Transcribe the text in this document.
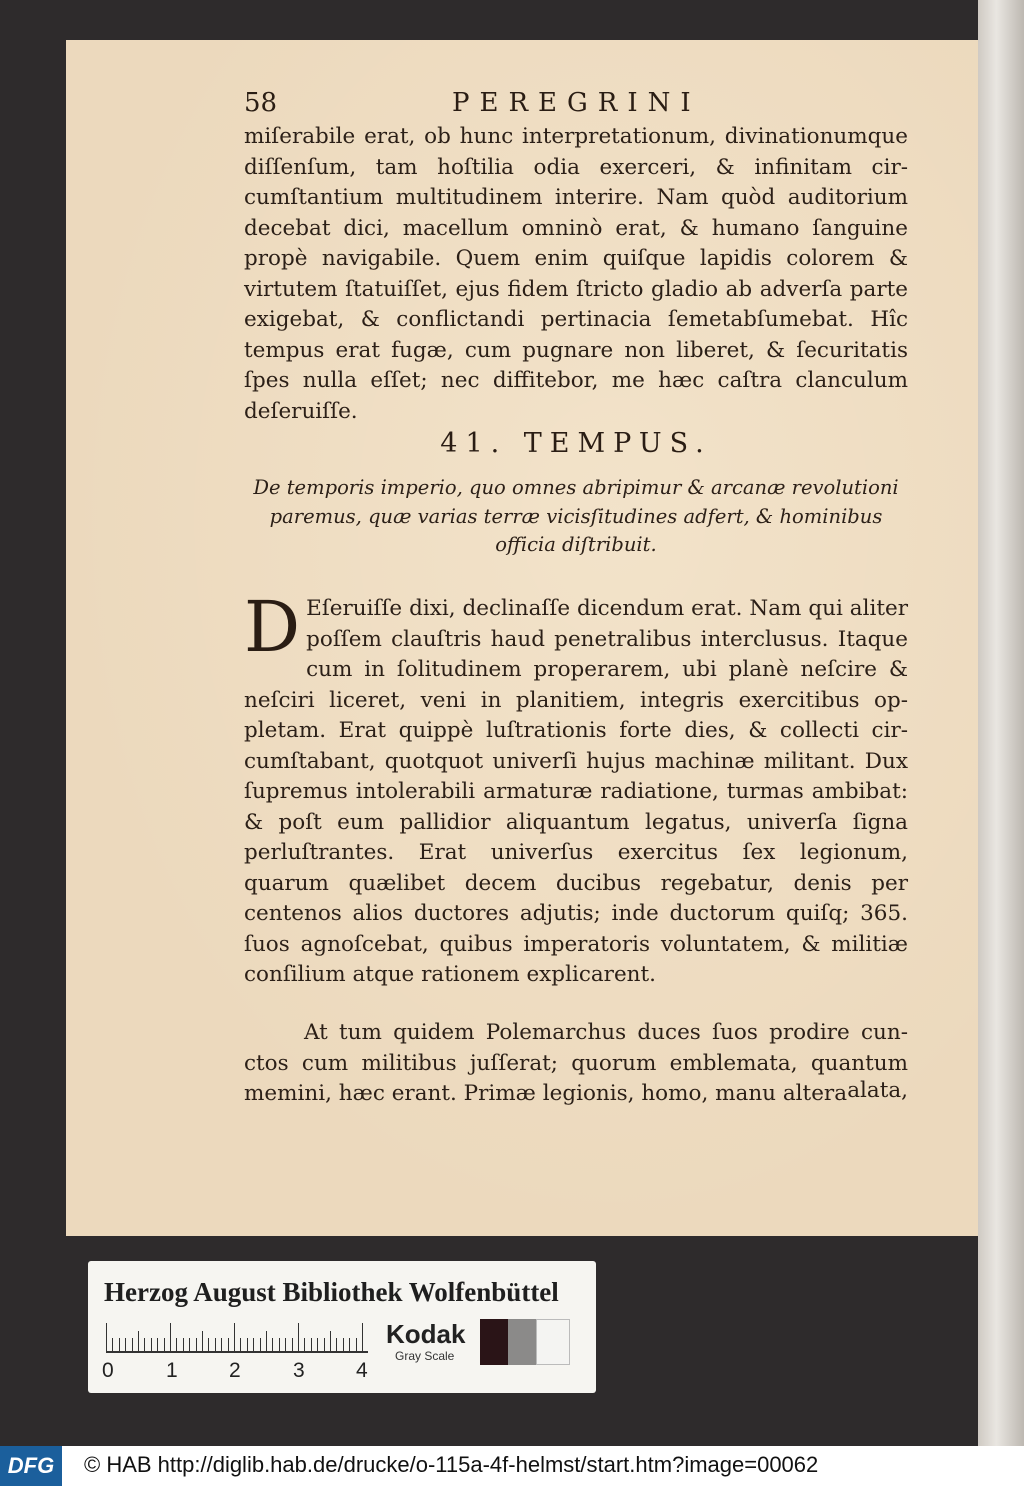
58	PEREGRINI
miſerabile erat, ob hunc interpretationum, divinationumque diſſenſum, tam hoſtilia odia exerceri, & infinitam circumſtantium multitudinem interire. Nam quòd auditorium decebat dici, macellum omninò erat, & humano ſanguine propè navigabile. Quem enim quiſque lapidis colorem & virtutem ſtatuiſſet, ejus fidem ſtricto gladio ab adverſa parte exigebat, & conflictandi pertinacia ſemetabſumebat. Hîc tempus erat fugæ, cum pugnare non liberet, & ſecuritatis ſpes nulla eſſet; nec diffitebor, me hæc caſtra clanculum deſeruiſſe.
41. TEMPUS.
De temporis imperio, quo omnes abripimur & arcanæ revolutioni paremus, quæ varias terræ vicisſitudines adfert, & hominibus officia diſtribuit.
D Eſeruiſſe dixi, declinaſſe dicendum erat. Nam qui aliter poſſem clauſtris haud penetralibus interclusus. Itaque cum in ſolitudinem properarem, ubi planè neſcire & neſciri liceret, veni in planitiem, integris exercitibus oppletam. Erat quippè luſtrationis forte dies, & collecti circumſtabant, quotquot univerſi hujus machinæ militant. Dux ſupremus intolerabili armaturæ radiatione, turmas ambibat: & poſt eum pallidior aliquantum legatus, univerſa ſigna perluſtrantes. Erat univerſus exercitus ſex legionum, quarum quælibet decem ducibus regebatur, denis per centenos alios ductores adjutis; inde ductorum quiſq; 365. ſuos agnoſcebat, quibus imperatoris voluntatem, & militiæ conſilium atque rationem explicarent.
At tum quidem Polemarchus duces ſuos prodire cunctos cum militibus juſſerat; quorum emblemata, quantum memini, hæc erant. Primæ legionis, homo, manu altera alata,
Herzog August Bibliothek Wolfenbüttel
0 1 2 3 4
Kodak
Gray Scale
DFG	© HAB http://diglib.hab.de/drucke/o-115a-4f-helmst/start.htm?image=00062
